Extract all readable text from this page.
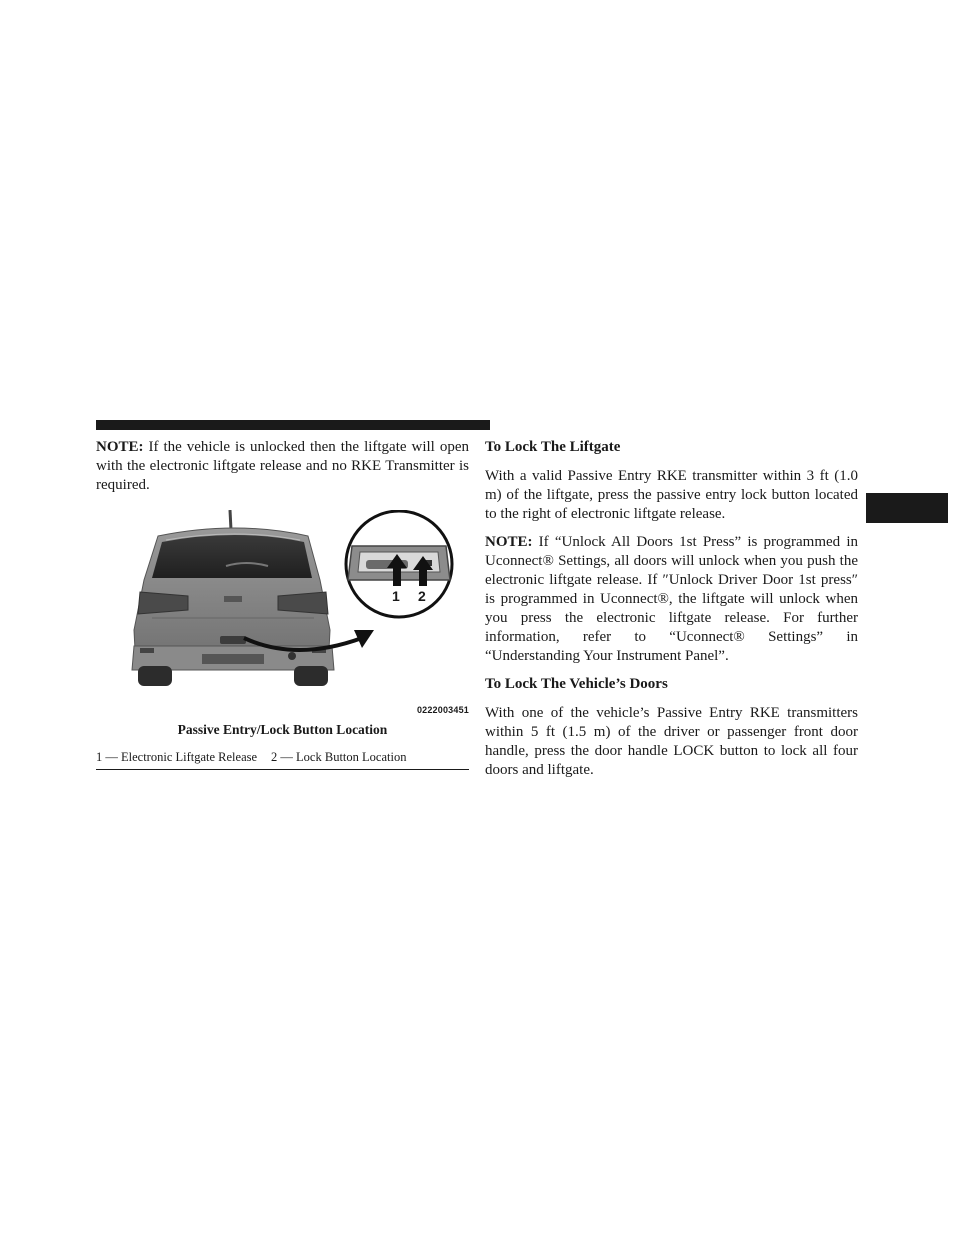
NOTE: If the vehicle is unlocked then the liftgate will open with the electronic liftgate release and no RKE Transmitter is required.

1 2
0222003451
Passive Entry/Lock Button Location
1 — Electronic Liftgate Release 2 — Lock Button Location
To Lock The Liftgate

With a valid Passive Entry RKE transmitter within 3 ft (1.0 m) of the liftgate, press the passive entry lock button located to the right of electronic liftgate release.

NOTE: If “Unlock All Doors 1st Press” is programmed in Uconnect® Settings, all doors will unlock when you push the electronic liftgate release. If ″Unlock Driver Door 1st press″ is programmed in Uconnect®, the liftgate will unlock when you press the electronic liftgate release. For further information, refer to “Uconnect® Settings” in “Understanding Your Instrument Panel”.

To Lock The Vehicle’s Doors

With one of the vehicle’s Passive Entry RKE transmitters within 5 ft (1.5 m) of the driver or passenger front door handle, press the door handle LOCK button to lock all four doors and liftgate.
